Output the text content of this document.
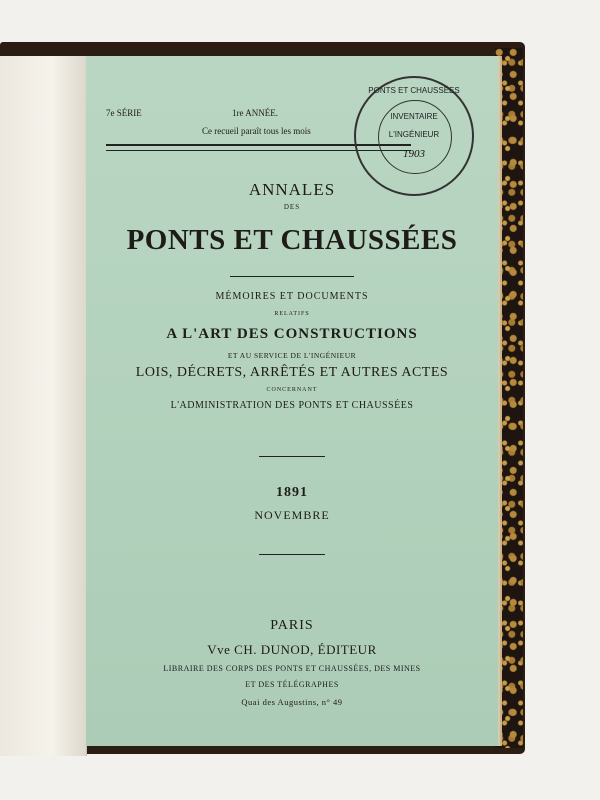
7e SÉRIE	1re ANNÉE.
Ce recueil paraît tous les mois
PONTS ET CHAUSSÉES
INVENTAIRE
L'INGÉNIEUR
1903
ANNALES
DES
PONTS ET CHAUSSÉES
MÉMOIRES ET DOCUMENTS
RELATIFS
A L'ART DES CONSTRUCTIONS
ET AU SERVICE DE L'INGÉNIEUR
LOIS, DÉCRETS, ARRÊTÉS ET AUTRES ACTES
CONCERNANT
L'ADMINISTRATION DES PONTS ET CHAUSSÉES
1891
NOVEMBRE
PARIS
Vve CH. DUNOD, ÉDITEUR
LIBRAIRE DES CORPS DES PONTS ET CHAUSSÉES, DES MINES
ET DES TÉLÉGRAPHES
Quai des Augustins, n° 49
